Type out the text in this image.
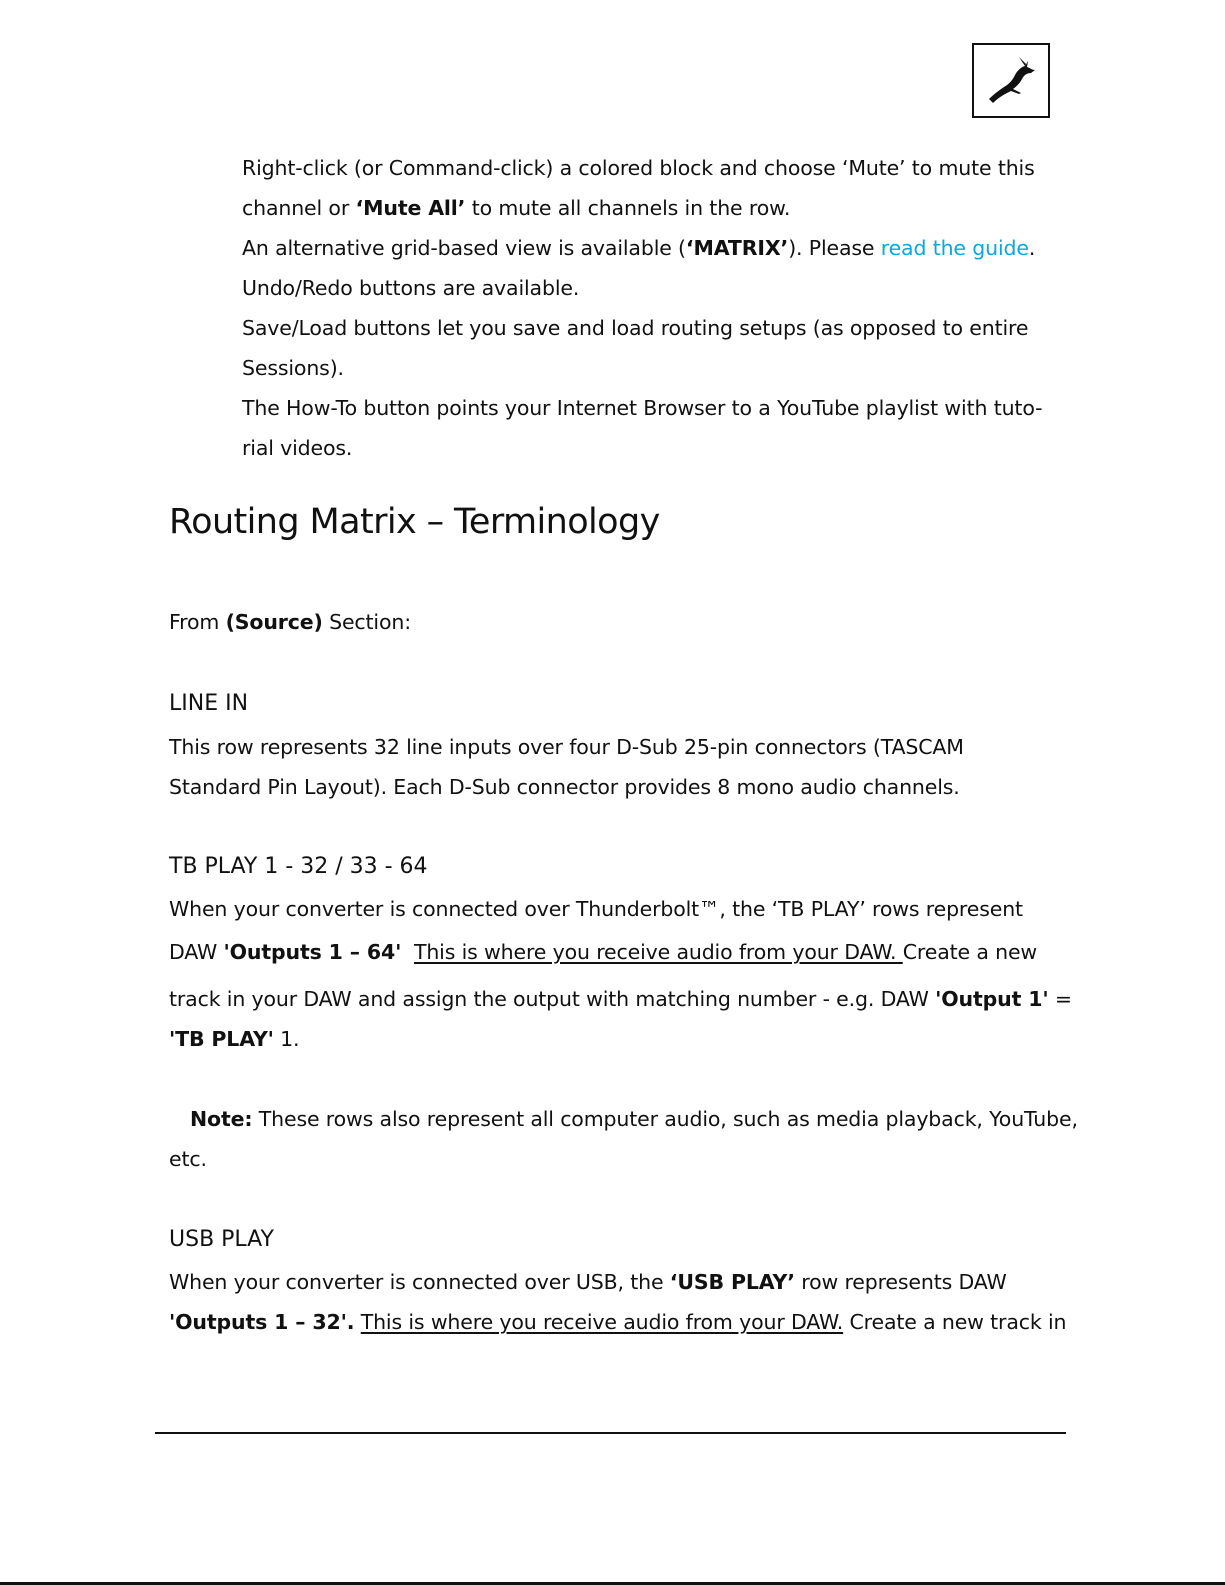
Right-click (or Command-click) a colored block and choose ‘Mute’ to mute this
channel or ‘Mute All’ to mute all channels in the row.
An alternative grid-based view is available (‘MATRIX’). Please read the guide.
Undo/Redo buttons are available.
Save/Load buttons let you save and load routing setups (as opposed to entire
Sessions).
The How-To button points your Internet Browser to a YouTube playlist with tuto-
rial videos.
Routing Matrix – Terminology
From (Source) Section:
LINE IN
This row represents 32 line inputs over four D-Sub 25-pin connectors (TASCAM
Standard Pin Layout). Each D-Sub connector provides 8 mono audio channels.
TB PLAY 1 - 32 / 33 - 64
When your converter is connected over Thunderbolt™, the ‘TB PLAY’ rows represent
DAW 'Outputs 1 – 64' This is where you receive audio from your DAW. Create a new
track in your DAW and assign the output with matching number - e.g. DAW 'Output 1' =
'TB PLAY' 1.
Note: These rows also represent all computer audio, such as media playback, YouTube,
etc.
USB PLAY
When your converter is connected over USB, the ‘USB PLAY’ row represents DAW
'Outputs 1 – 32'. This is where you receive audio from your DAW. Create a new track in
